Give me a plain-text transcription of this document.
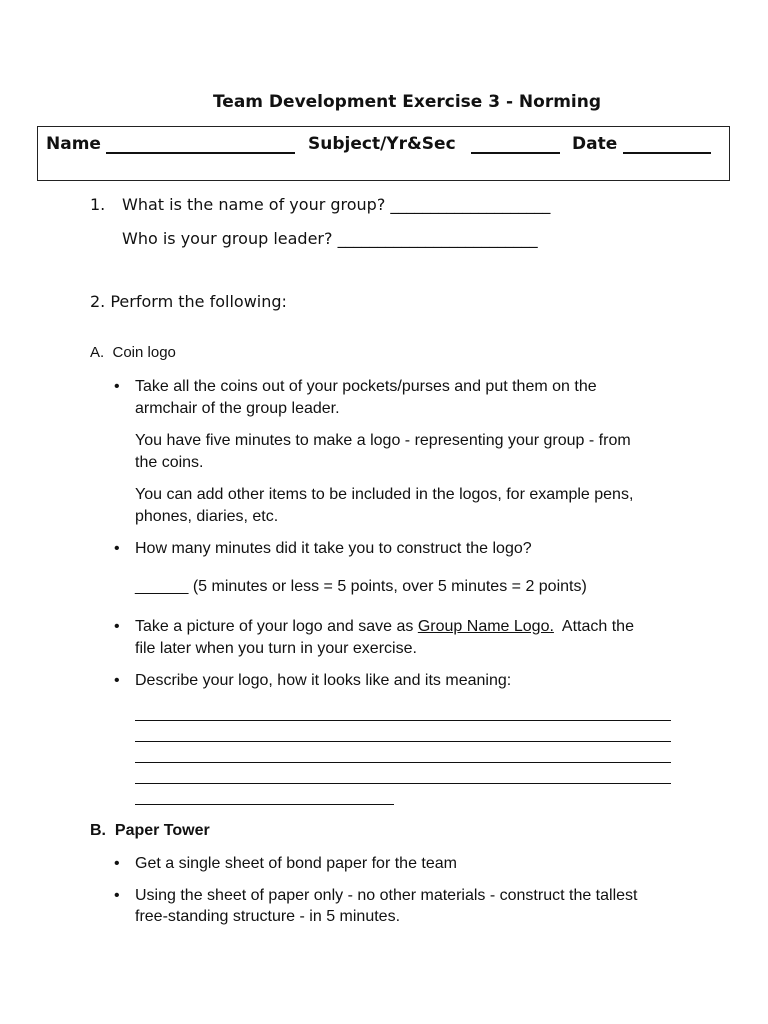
Team Development Exercise 3 - Norming
Name	Subject/Yr&Sec	Date
1. What is the name of your group? ____________________
Who is your group leader? _________________________
2. Perform the following:
A.  Coin logo
• Take all the coins out of your pockets/purses and put them on the
armchair of the group leader.
You have five minutes to make a logo - representing your group - from
the coins.
You can add other items to be included in the logos, for example pens,
phones, diaries, etc.
• How many minutes did it take you to construct the logo?
______ (5 minutes or less = 5 points, over 5 minutes = 2 points)
• Take a picture of your logo and save as Group Name Logo.  Attach the
file later when you turn in your exercise.
• Describe your logo, how it looks like and its meaning:
B.  Paper Tower
• Get a single sheet of bond paper for the team
• Using the sheet of paper only - no other materials - construct the tallest
free-standing structure - in 5 minutes.
